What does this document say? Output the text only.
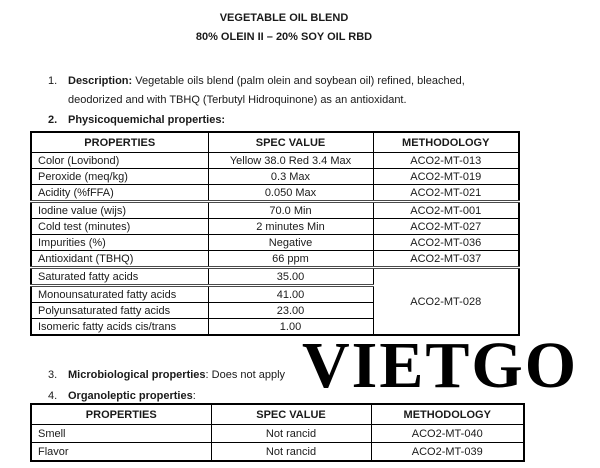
VEGETABLE OIL BLEND
80% OLEIN II – 20% SOY OIL RBD
1. Description: Vegetable oils blend (palm olein and soybean oil) refined, bleached,
deodorized and with TBHQ (Terbutyl Hidroquinone) as an antioxidant.
2. Physicoquemichal properties:
PROPERTIES	SPEC VALUE	METHODOLOGY
Color (Lovibond)	Yellow 38.0 Red 3.4 Max	ACO2-MT-013
Peroxide (meq/kg)	0.3 Max	ACO2-MT-019
Acidity (%fFFA)	0.050 Max	ACO2-MT-021
Iodine value (wijs)	70.0 Min	ACO2-MT-001
Cold test (minutes)	2 minutes Min	ACO2-MT-027
Impurities (%)	Negative	ACO2-MT-036
Antioxidant (TBHQ)	66 ppm	ACO2-MT-037
Saturated fatty acids	35.00	ACO2-MT-028
Monounsaturated fatty acids	41.00	
Polyunsaturated fatty acids	23.00	
Isomeric fatty acids cis/trans	1.00	
3. Microbiological properties: Does not apply
4. Organoleptic properties:	VIETGO
PROPERTIES	SPEC VALUE	METHODOLOGY
Smell	Not rancid	ACO2-MT-040
Flavor	Not rancid	ACO2-MT-039
